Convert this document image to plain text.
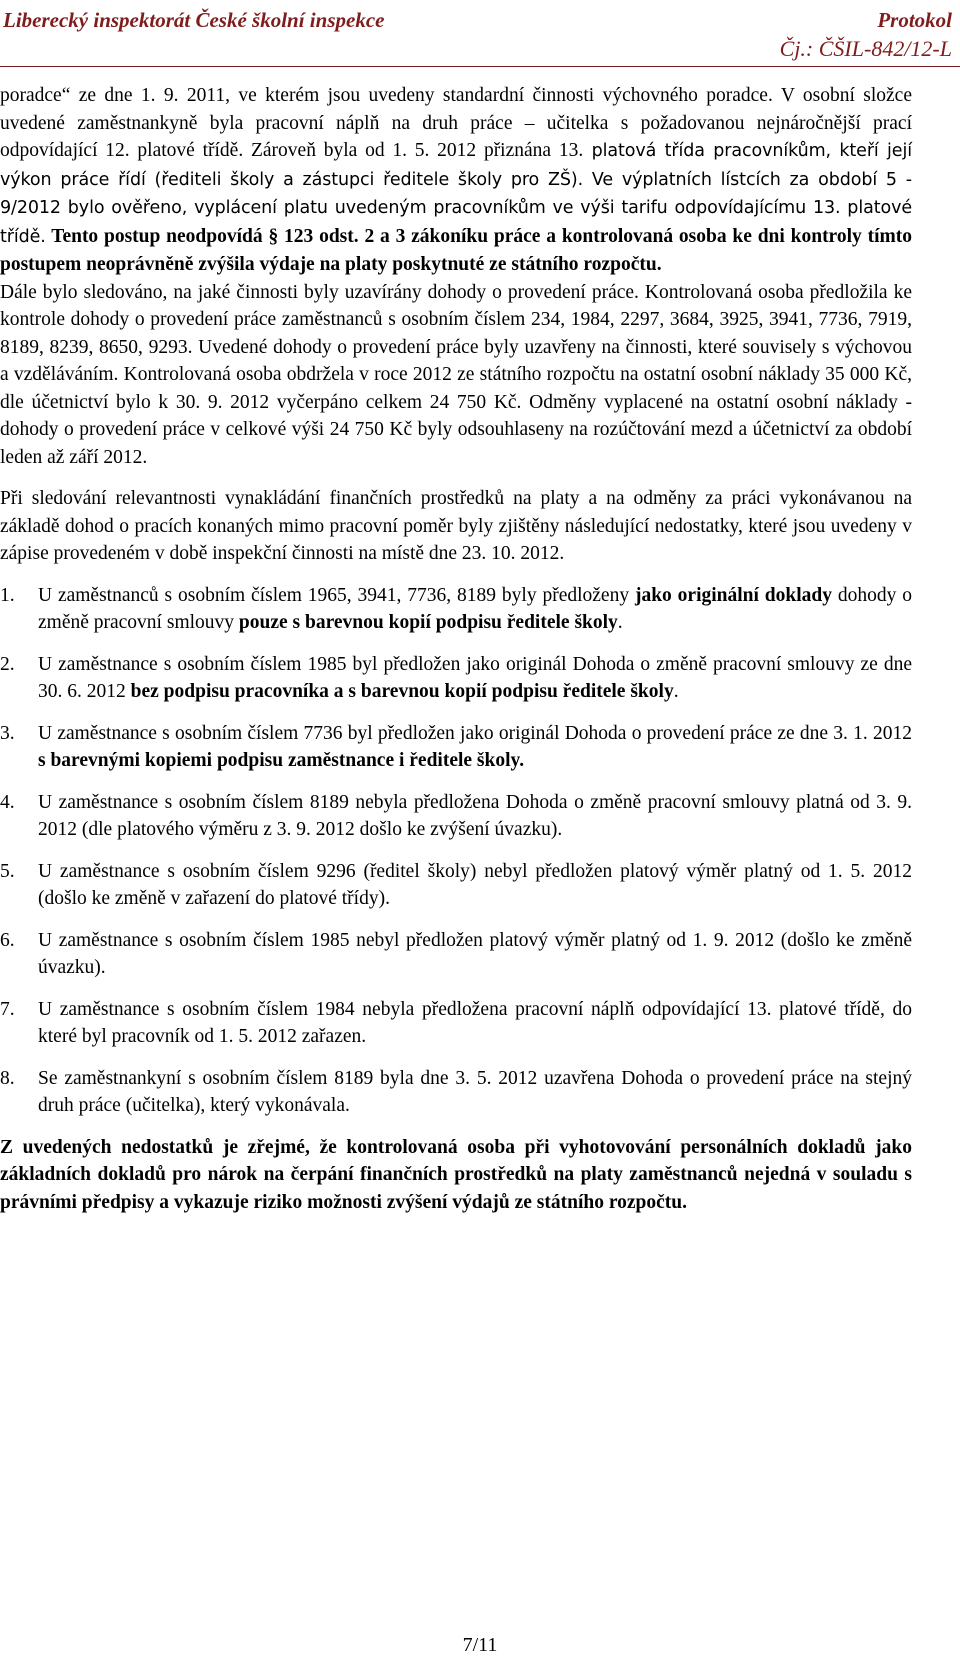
Liberecký inspektorát České školní inspekce	Protokol
Čj.: ČŠIL-842/12-L

poradce“ ze dne 1. 9. 2011, ve kterém jsou uvedeny standardní činnosti výchovného poradce. V osobní složce uvedené zaměstnankyně byla pracovní náplň na druh práce – učitelka s požadovanou nejnáročnější prací odpovídající 12. platové třídě. Zároveň byla od 1. 5. 2012 přiznána 13. platová třída pracovníkům, kteří její výkon práce řídí (řediteli školy a zástupci ředitele školy pro ZŠ). Ve výplatních lístcích za období 5 - 9/2012 bylo ověřeno, vyplácení platu uvedeným pracovníkům ve výši tarifu odpovídajícímu 13. platové třídě. Tento postup neodpovídá § 123 odst. 2 a 3 zákoníku práce a kontrolovaná osoba ke dni kontroly tímto postupem neoprávněně zvýšila výdaje na platy poskytnuté ze státního rozpočtu.

Dále bylo sledováno, na jaké činnosti byly uzavírány dohody o provedení práce. Kontrolovaná osoba předložila ke kontrole dohody o provedení práce zaměstnanců s osobním číslem 234, 1984, 2297, 3684, 3925, 3941, 7736, 7919, 8189, 8239, 8650, 9293. Uvedené dohody o provedení práce byly uzavřeny na činnosti, které souvisely s výchovou a vzděláváním. Kontrolovaná osoba obdržela v roce 2012 ze státního rozpočtu na ostatní osobní náklady 35 000 Kč, dle účetnictví bylo k 30. 9. 2012 vyčerpáno celkem 24 750 Kč. Odměny vyplacené na ostatní osobní náklady - dohody o provedení práce v celkové výši 24 750 Kč byly odsouhlaseny na rozúčtování mezd a účetnictví za období leden až září 2012.

Při sledování relevantnosti vynakládání finančních prostředků na platy a na odměny za práci vykonávanou na základě dohod o pracích konaných mimo pracovní poměr byly zjištěny následující nedostatky, které jsou uvedeny v zápise provedeném v době inspekční činnosti na místě dne 23. 10. 2012.

1. U zaměstnanců s osobním číslem 1965, 3941, 7736, 8189 byly předloženy jako originální doklady dohody o změně pracovní smlouvy pouze s barevnou kopií podpisu ředitele školy.
2. U zaměstnance s osobním číslem 1985 byl předložen jako originál Dohoda o změně pracovní smlouvy ze dne 30. 6. 2012 bez podpisu pracovníka a s barevnou kopií podpisu ředitele školy.
3. U zaměstnance s osobním číslem 7736 byl předložen jako originál Dohoda o provedení práce ze dne 3. 1. 2012 s barevnými kopiemi podpisu zaměstnance i ředitele školy.
4. U zaměstnance s osobním číslem 8189 nebyla předložena Dohoda o změně pracovní smlouvy platná od 3. 9. 2012 (dle platového výměru z 3. 9. 2012 došlo ke zvýšení úvazku).
5. U zaměstnance s osobním číslem 9296 (ředitel školy) nebyl předložen platový výměr platný od 1. 5. 2012 (došlo ke změně v zařazení do platové třídy).
6. U zaměstnance s osobním číslem 1985 nebyl předložen platový výměr platný od 1. 9. 2012 (došlo ke změně úvazku).
7. U zaměstnance s osobním číslem 1984 nebyla předložena pracovní náplň odpovídající 13. platové třídě, do které byl pracovník od 1. 5. 2012 zařazen.
8. Se zaměstnankyní s osobním číslem 8189 byla dne 3. 5. 2012 uzavřena Dohoda o provedení práce na stejný druh práce (učitelka), který vykonávala.

Z uvedených nedostatků je zřejmé, že kontrolovaná osoba při vyhotovování personálních dokladů jako základních dokladů pro nárok na čerpání finančních prostředků na platy zaměstnanců nejedná v souladu s právními předpisy a vykazuje riziko možnosti zvýšení výdajů ze státního rozpočtu.

7/11
